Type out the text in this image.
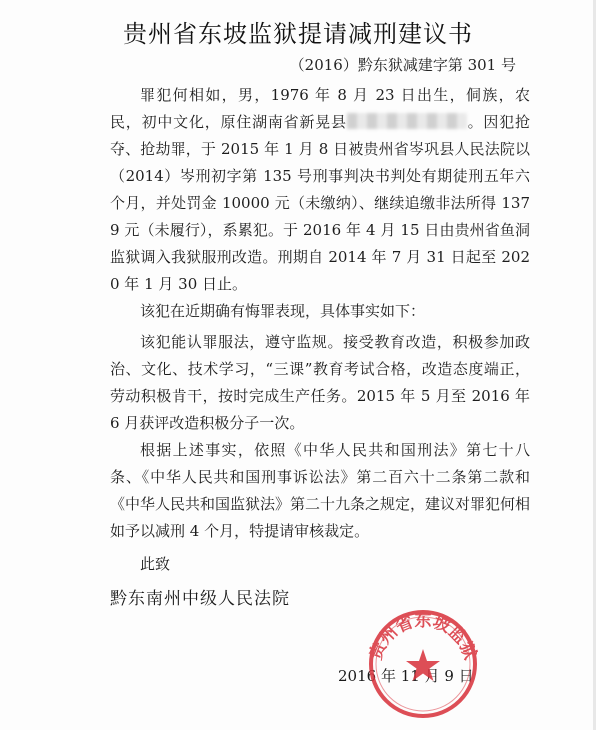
贵州省东坡监狱提请减刑建议书
（2016）黔东狱减建字第 301 号
罪犯何相如，男，1976 年 8 月 23 日出生，侗族，农民，初中文化，原住湖南省新晃县	。因犯抢夺、抢劫罪，于 2015 年 1 月 8 日被贵州省岑巩县人民法院以（2014）岑刑初字第 135 号刑事判决书判处有期徒刑五年六个月，并处罚金 10000 元（未缴纳）、继续追缴非法所得 1379 元（未履行），系累犯。于 2016 年 4 月 15 日由贵州省鱼洞监狱调入我狱服刑改造。刑期自 2014 年 7 月 31 日起至 2020 年 1 月 30 日止。
该犯在近期确有悔罪表现，具体事实如下：
该犯能认罪服法，遵守监规。接受教育改造，积极参加政治、文化、技术学习，“三课”教育考试合格，改造态度端正，劳动积极肯干，按时完成生产任务。2015 年 5 月至 2016 年 6 月获评改造积极分子一次。
根据上述事实，依照《中华人民共和国刑法》第七十八条、《中华人民共和国刑事诉讼法》第二百六十二条第二款和《中华人民共和国监狱法》第二十九条之规定，建议对罪犯何相如予以减刑 4 个月，特提请审核裁定。
此致
黔东南州中级人民法院
2016 年 11 月 9 日
贵州省东坡监狱
